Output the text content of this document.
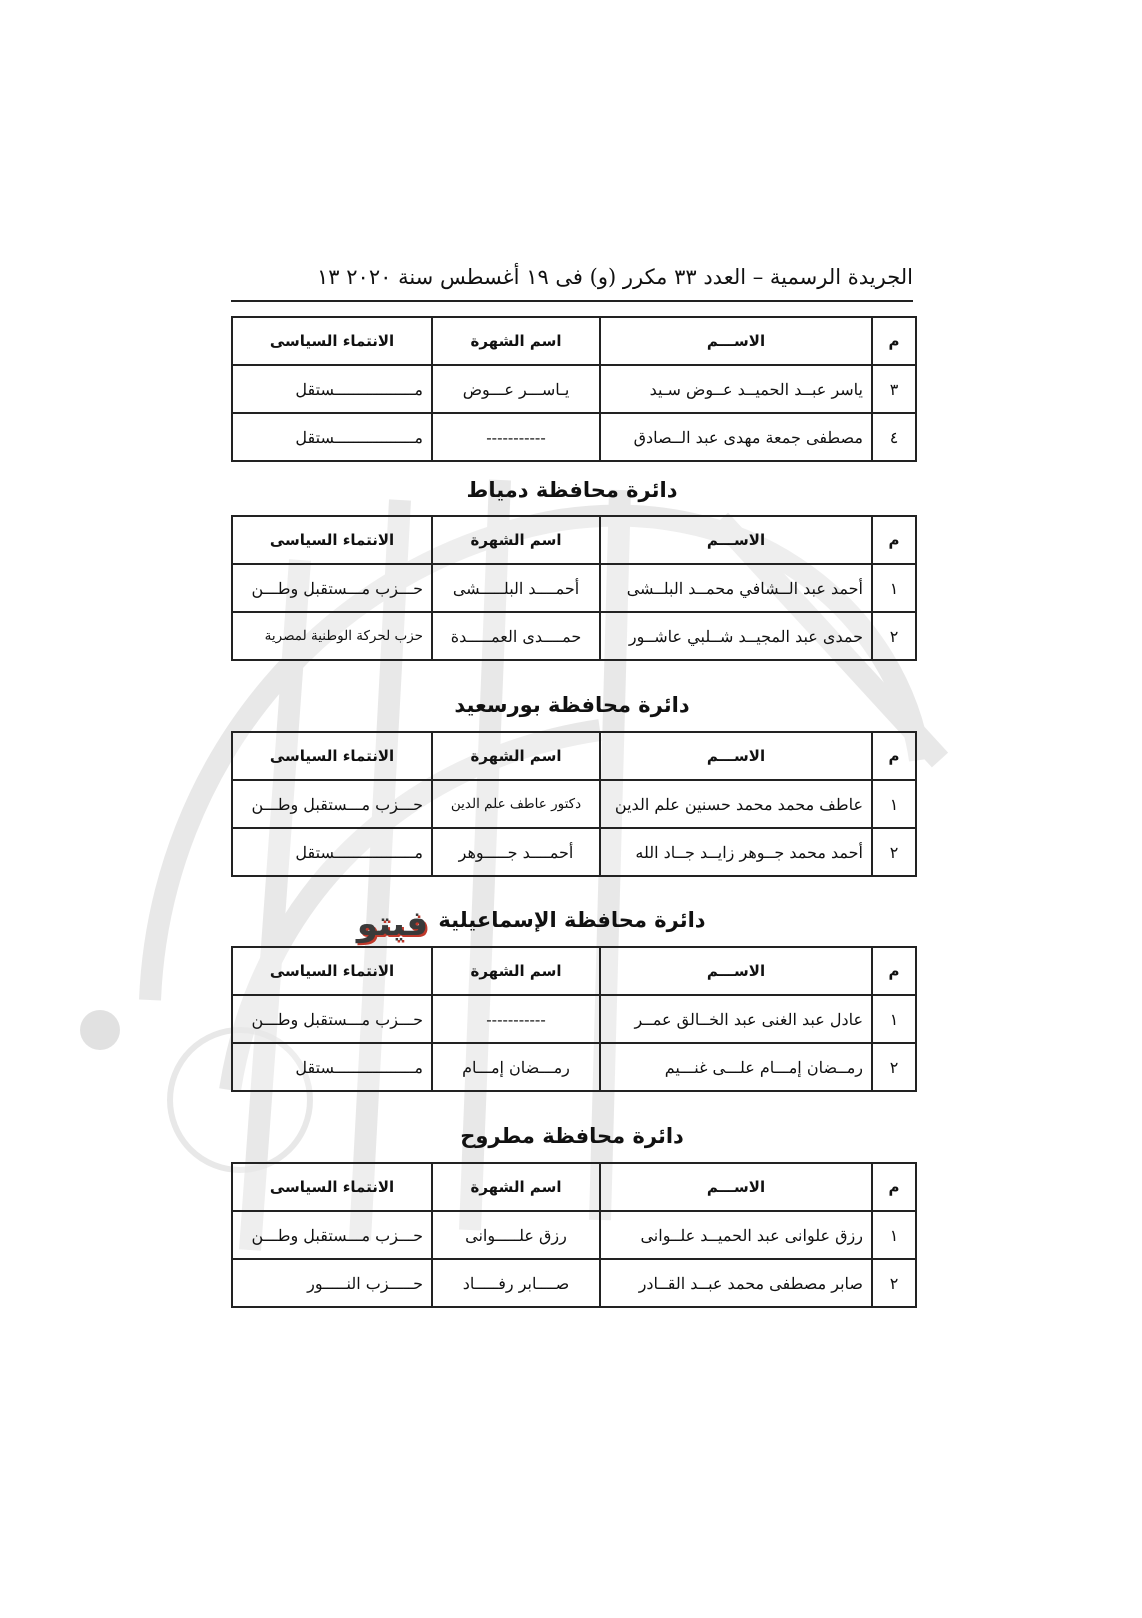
الجريدة الرسمية – العدد ٣٣ مكرر (و) فى ١٩ أغسطس سنة ٢٠٢٠ ١٣
م	الاســـم	اسم الشهرة	الانتماء السياسى
٣	ياسر عبــد الحميــد عــوض سـيد	يـاســـر عـــوض	مـــــــــــــــــستقل
٤	مصطفى جمعة مهدى عبد الــصادق	-----------	مـــــــــــــــــستقل
دائرة محافظة دمياط
م	الاســـم	اسم الشهرة	الانتماء السياسى
١	أحمد عبد الــشافي محمــد البلــشى	أحمــــد البلـــــشى	حـــزب مـــستقبل وطـــن
٢	حمدى عبد المجيــد شــلبي عاشــور	حمــــدى العمـــــدة	حزب لحركة الوطنية لمصرية
دائرة محافظة بورسعيد
م	الاســـم	اسم الشهرة	الانتماء السياسى
١	عاطف محمد محمد حسنين علم الدين	دكتور عاطف علم الدين	حـــزب مـــستقبل وطـــن
٢	أحمد محمد جــوهر زايــد جــاد الله	أحمــــد جـــــوهر	مـــــــــــــــــستقل
دائرة محافظة الإسماعيلية
فيتو
م	الاســـم	اسم الشهرة	الانتماء السياسى
١	عادل عبد الغنى عبد الخــالق عمــر	-----------	حـــزب مـــستقبل وطـــن
٢	رمــضان إمـــام علـــى غنـــيم	رمـــضان إمـــام	مـــــــــــــــــستقل
دائرة محافظة مطروح
م	الاســـم	اسم الشهرة	الانتماء السياسى
١	رزق علوانى عبد الحميــد علــوانى	رزق علـــــوانى	حـــزب مـــستقبل وطـــن
٢	صابر مصطفى محمد عبــد القــادر	صــــابر رفـــــاد	حـــــزب النـــــور
